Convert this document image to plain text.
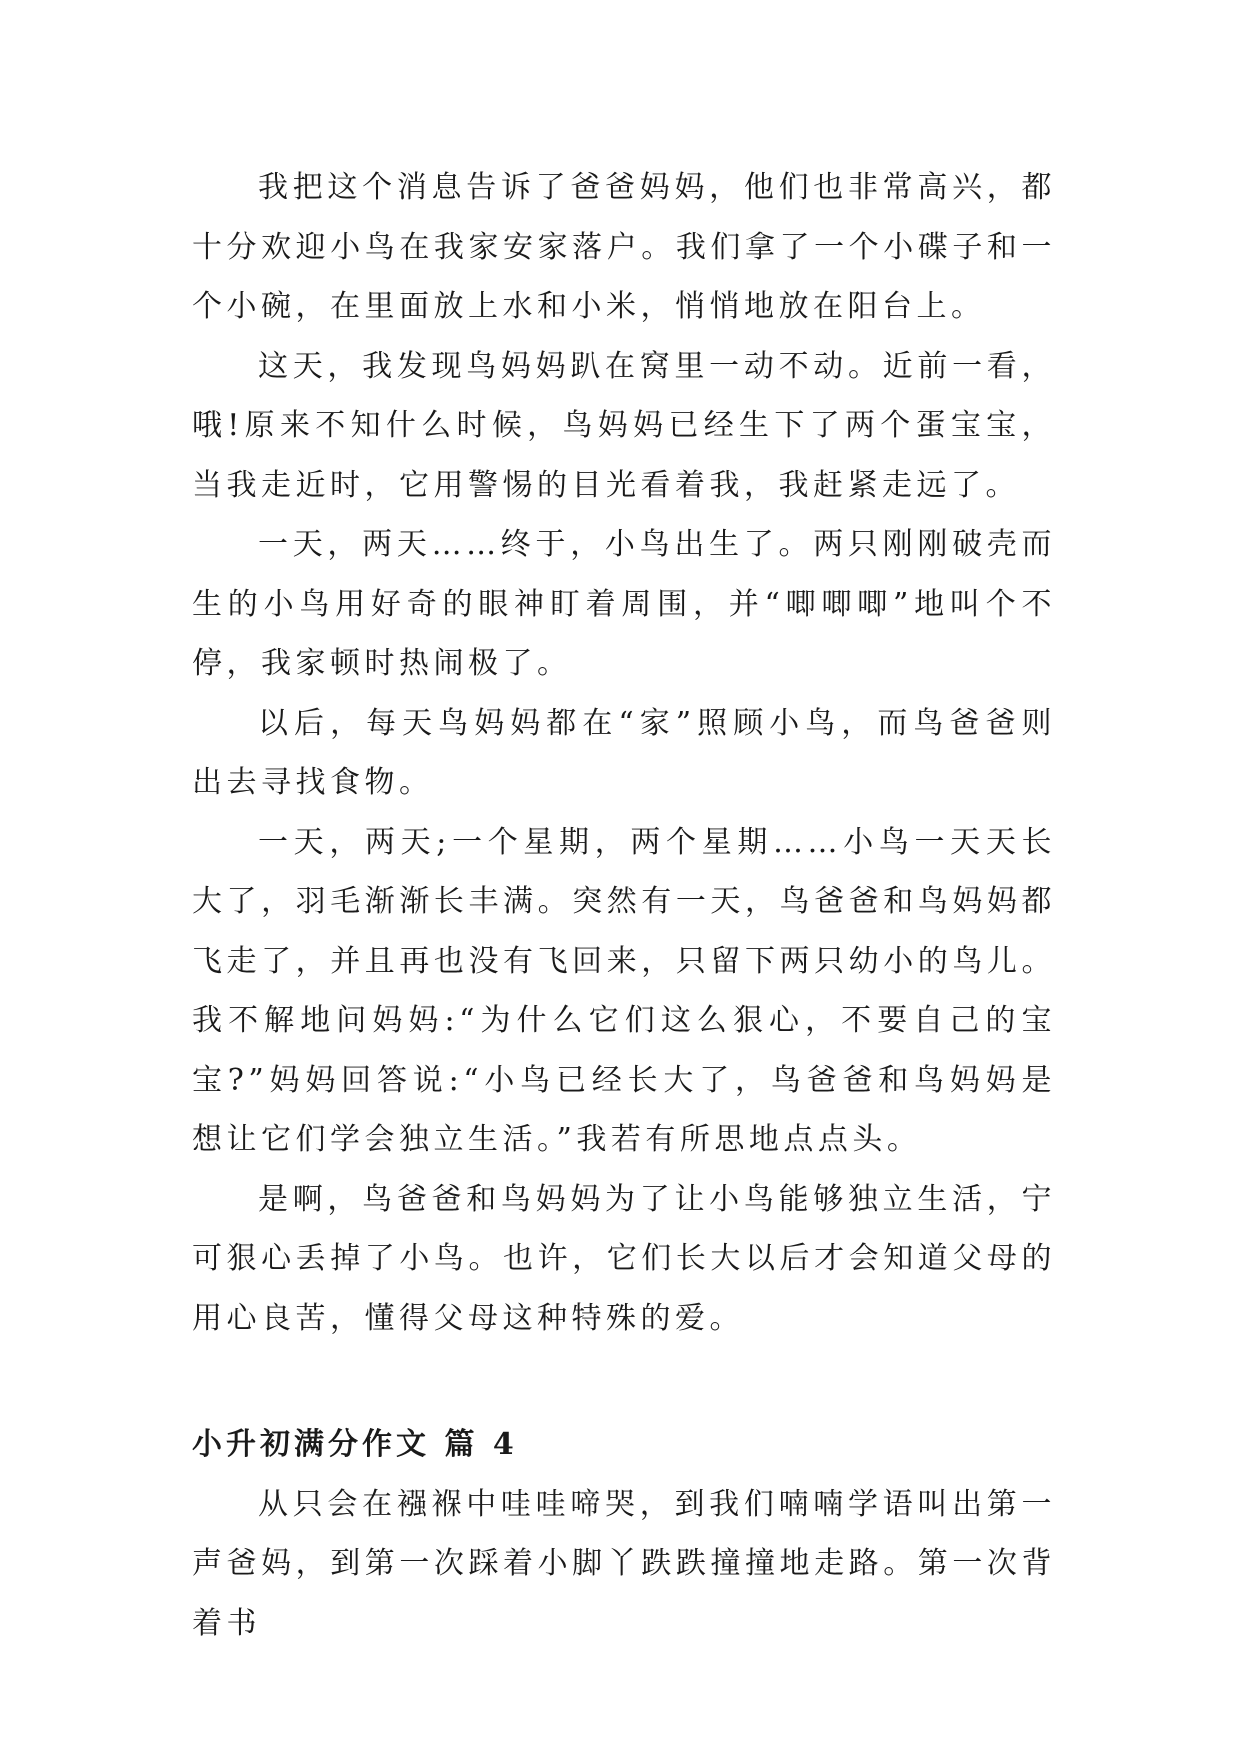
我把这个消息告诉了爸爸妈妈，他们也非常高兴，都十分欢迎小鸟在我家安家落户。我们拿了一个小碟子和一个小碗，在里面放上水和小米，悄悄地放在阳台上。

这天，我发现鸟妈妈趴在窝里一动不动。近前一看，哦!原来不知什么时候，鸟妈妈已经生下了两个蛋宝宝，当我走近时，它用警惕的目光看着我，我赶紧走远了。

一天，两天……终于，小鸟出生了。两只刚刚破壳而生的小鸟用好奇的眼神盯着周围，并“唧唧唧”地叫个不停，我家顿时热闹极了。

以后，每天鸟妈妈都在“家”照顾小鸟，而鸟爸爸则出去寻找食物。

一天，两天;一个星期，两个星期……小鸟一天天长大了，羽毛渐渐长丰满。突然有一天，鸟爸爸和鸟妈妈都飞走了，并且再也没有飞回来，只留下两只幼小的鸟儿。我不解地问妈妈:“为什么它们这么狠心，不要自己的宝宝?”妈妈回答说:“小鸟已经长大了，鸟爸爸和鸟妈妈是想让它们学会独立生活。”我若有所思地点点头。

是啊，鸟爸爸和鸟妈妈为了让小鸟能够独立生活，宁可狠心丢掉了小鸟。也许，它们长大以后才会知道父母的用心良苦，懂得父母这种特殊的爱。

小升初满分作文 篇 4

从只会在襁褓中哇哇啼哭，到我们喃喃学语叫出第一声爸妈，到第一次踩着小脚丫跌跌撞撞地走路。第一次背着书
